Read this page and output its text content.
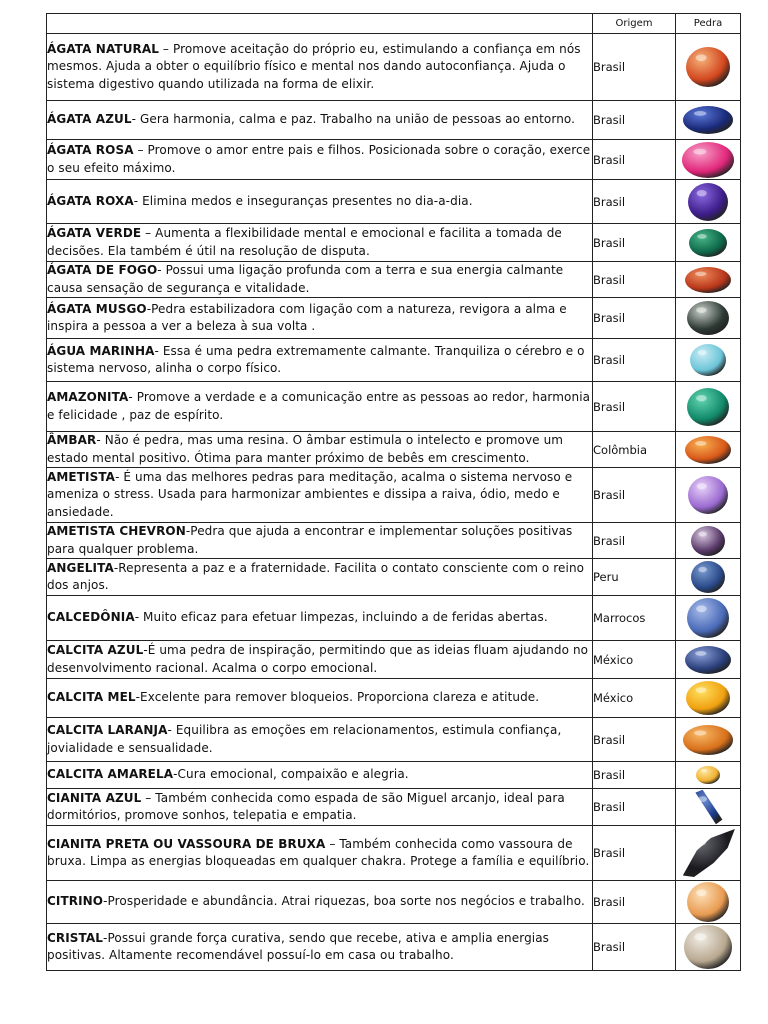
	Origem	Pedra
ÁGATA NATURAL – Promove aceitação do próprio eu, estimulando a confiança em nós mesmos. Ajuda a obter o equilíbrio físico e mental nos dando autoconfiança. Ajuda o sistema digestivo quando utilizada na forma de elixir.	Brasil	

ÁGATA AZUL- Gera harmonia, calma e paz. Trabalho na união de pessoas ao entorno.	Brasil	

ÁGATA ROSA – Promove o amor entre pais e filhos. Posicionada sobre o coração, exerce o seu efeito máximo.	Brasil	

ÁGATA ROXA- Elimina medos e inseguranças presentes no dia-a-dia.	Brasil	

ÁGATA VERDE – Aumenta a flexibilidade mental e emocional e facilita a tomada de decisões. Ela também é útil na resolução de disputa.	Brasil	

ÁGATA DE FOGO- Possui uma ligação profunda com a terra e sua energia calmante causa sensação de segurança e vitalidade.	Brasil	

ÁGATA MUSGO-Pedra estabilizadora com ligação com a natureza, revigora a alma e inspira a pessoa a ver a beleza à sua volta .	Brasil	

ÁGUA MARINHA- Essa é uma pedra extremamente calmante. Tranquiliza o cérebro e o sistema nervoso, alinha o corpo físico.	Brasil	

AMAZONITA- Promove a verdade e a comunicação entre as pessoas ao redor, harmonia e felicidade , paz de espírito.	Brasil	

ÂMBAR- Não é pedra, mas uma resina. O âmbar estimula o intelecto e promove um estado mental positivo. Ótima para manter próximo de bebês em crescimento.	Colômbia	

AMETISTA- É uma das melhores pedras para meditação, acalma o sistema nervoso e ameniza o stress. Usada para harmonizar ambientes e dissipa a raiva, ódio, medo e ansiedade.	Brasil	

AMETISTA CHEVRON-Pedra que ajuda a encontrar e implementar soluções positivas para qualquer problema.	Brasil	

ANGELITA-Representa a paz e a fraternidade. Facilita o contato consciente com o reino dos anjos.	Peru	

CALCEDÔNIA- Muito eficaz para efetuar limpezas, incluindo a de feridas abertas.	Marrocos	

CALCITA AZUL-É uma pedra de inspiração, permitindo que as ideias fluam ajudando no desenvolvimento racional. Acalma o corpo emocional.	México	

CALCITA MEL-Excelente para remover bloqueios. Proporciona clareza e atitude.	México	

CALCITA LARANJA- Equilibra as emoções em relacionamentos, estimula confiança, jovialidade e sensualidade.	Brasil	

CALCITA AMARELA-Cura emocional, compaixão e alegria.	Brasil	

CIANITA AZUL – Também conhecida como espada de são Miguel arcanjo, ideal para dormitórios, promove sonhos, telepatia e empatia.	Brasil	

CIANITA PRETA OU VASSOURA DE BRUXA – Também conhecida como vassoura de bruxa. Limpa as energias bloqueadas em qualquer chakra. Protege a família e equilíbrio.	Brasil	

CITRINO-Prosperidade e abundância. Atrai riquezas, boa sorte nos negócios e trabalho.	Brasil	

CRISTAL-Possui grande força curativa, sendo que recebe, ativa e amplia energias positivas. Altamente recomendável possuí-lo em casa ou trabalho.	Brasil	
